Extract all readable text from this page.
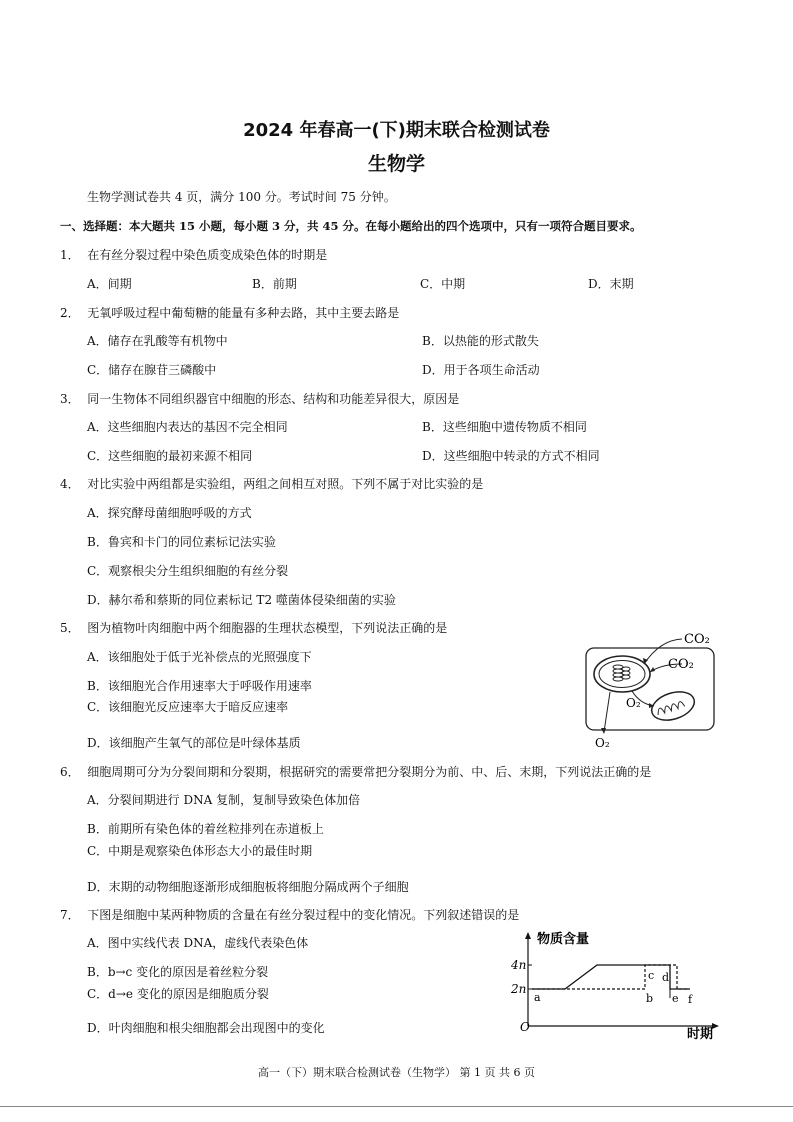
2024 年春高一(下)期末联合检测试卷
生物学
生物学测试卷共 4 页，满分 100 分。考试时间 75 分钟。
一、选择题：本大题共 15 小题，每小题 3 分，共 45 分。在每小题给出的四个选项中，只有一项符合题目要求。
1． 在有丝分裂过程中染色质变成染色体的时期是
A．间期	B．前期	C．中期	D．末期
2． 无氧呼吸过程中葡萄糖的能量有多种去路，其中主要去路是
A．储存在乳酸等有机物中	B．以热能的形式散失
C．储存在腺苷三磷酸中	D．用于各项生命活动
3． 同一生物体不同组织器官中细胞的形态、结构和功能差异很大，原因是
A．这些细胞内表达的基因不完全相同	B．这些细胞中遗传物质不相同
C．这些细胞的最初来源不相同	D．这些细胞中转录的方式不相同
4． 对比实验中两组都是实验组，两组之间相互对照。下列不属于对比实验的是
A．探究酵母菌细胞呼吸的方式
B．鲁宾和卡门的同位素标记法实验
C．观察根尖分生组织细胞的有丝分裂
D．赫尔希和蔡斯的同位素标记 T2 噬菌体侵染细菌的实验
5． 图为植物叶肉细胞中两个细胞器的生理状态模型，下列说法正确的是
A．该细胞处于低于光补偿点的光照强度下
B．该细胞光合作用速率大于呼吸作用速率
C．该细胞光反应速率大于暗反应速率
D．该细胞产生氧气的部位是叶绿体基质
CO₂
CO₂
O₂
O₂
6． 细胞周期可分为分裂间期和分裂期，根据研究的需要常把分裂期分为前、中、后、末期，下列说法正确的是
A．分裂间期进行 DNA 复制，复制导致染色体加倍
B．前期所有染色体的着丝粒排列在赤道板上
C．中期是观察染色体形态大小的最佳时期
D．末期的动物细胞逐渐形成细胞板将细胞分隔成两个子细胞
7． 下图是细胞中某两种物质的含量在有丝分裂过程中的变化情况。下列叙述错误的是
A．图中实线代表 DNA，虚线代表染色体
B．b→c 变化的原因是着丝粒分裂
C．d→e 变化的原因是细胞质分裂
D．叶肉细胞和根尖细胞都会出现图中的变化
物质含量
时期
O
4n
2n
a	b
c d
e f
高一（下）期末联合检测试卷（生物学） 第 1 页 共 6 页
